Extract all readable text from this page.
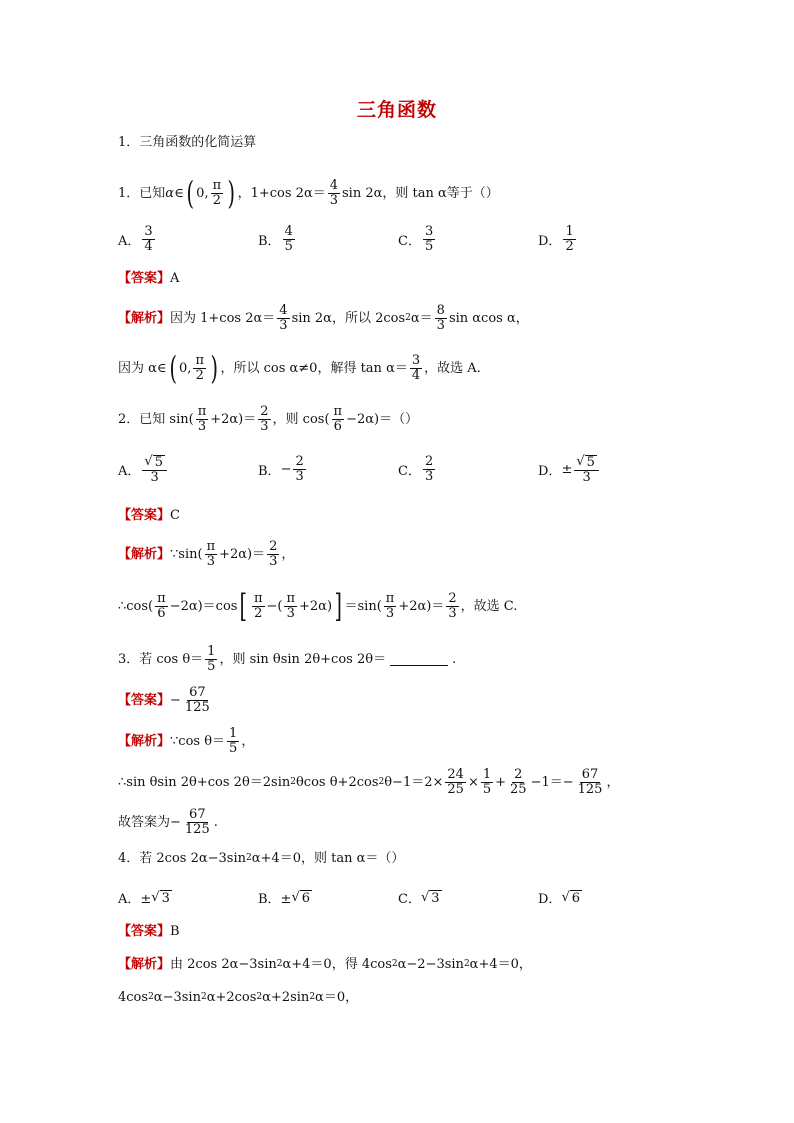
三角函数
1．三角函数的化简运算
1．已知 α ∈ ( 0, $\frac{\pi}{2}$ ) ，1+cos $2\alpha= \frac{4}{3}$ sin 2α，则 tan α等于（）
A． $\frac{3}{4}$	B． $\frac{4}{5}$	C． $\frac{3}{5}$	D． $\frac{1}{2}$
【答案】 A
【解析】 因为 1+cos $2\alpha= \frac{4}{3}$ sin 2α，所以 2cos 2 $\alpha= \frac{8}{3}$ sin αcos α，
因为 α∈ ( 0, $\frac{\pi}{2}$ ) ，所以 cos α≠0，解得 $\tan \alpha= \frac{3}{4}$ ，故选 A.
2．已知 $\sin( \frac{\pi}{3} +2\alpha)= \frac{2}{3}$ ，则 $\cos( \frac{\pi}{6} -2\alpha)=()$
A． $\frac{√ 5}{3}$	B． − $\frac{2}{3}$	C． $\frac{2}{3}$	D． ± $\frac{√ 5}{3}$
【答案】 C
【解析】 ∵sin( $\frac{\pi}{3} +2\alpha)= \frac{2}{3}$ ，
∴cos( $\frac{\pi}{6} -2\alpha)=\cos$ [ $\frac{\pi}{2}$ −( $\frac{\pi}{3} +2\alpha$) ] $=\sin( \frac{\pi}{3} +2\alpha)= \frac{2}{3}$ ，故选 C.
3．若 $\cos \theta= \frac{1}{5}$ ，则 sin θsin 2θ+cos 2θ＝	.
【答案】 − $\frac{67}{125}$
【解析】 ∵cos $\theta= \frac{1}{5}$ ，
∴sin θsin 2θ+cos 2θ＝2sin 2 θcos θ+2cos 2 $\theta-1=2\times \frac{24}{25} \times \frac{1}{5} + \frac{2}{25} -1=- \frac{67}{125}$ ，
故答案为− $\frac{67}{125}$ .
4．若 2cos 2α−3sin 2 α+4＝0，则 tan α＝（）
A．± √ 3	B．± √ 6	C． √ 3	D． √ 6
【答案】 B
【解析】 由 2cos 2α−3sin 2 α+4＝0，得 4cos 2 α−2−3sin 2 α+4＝0，
4cos 2 α−3sin 2 α+2cos 2 α+2sin 2 α＝0，
